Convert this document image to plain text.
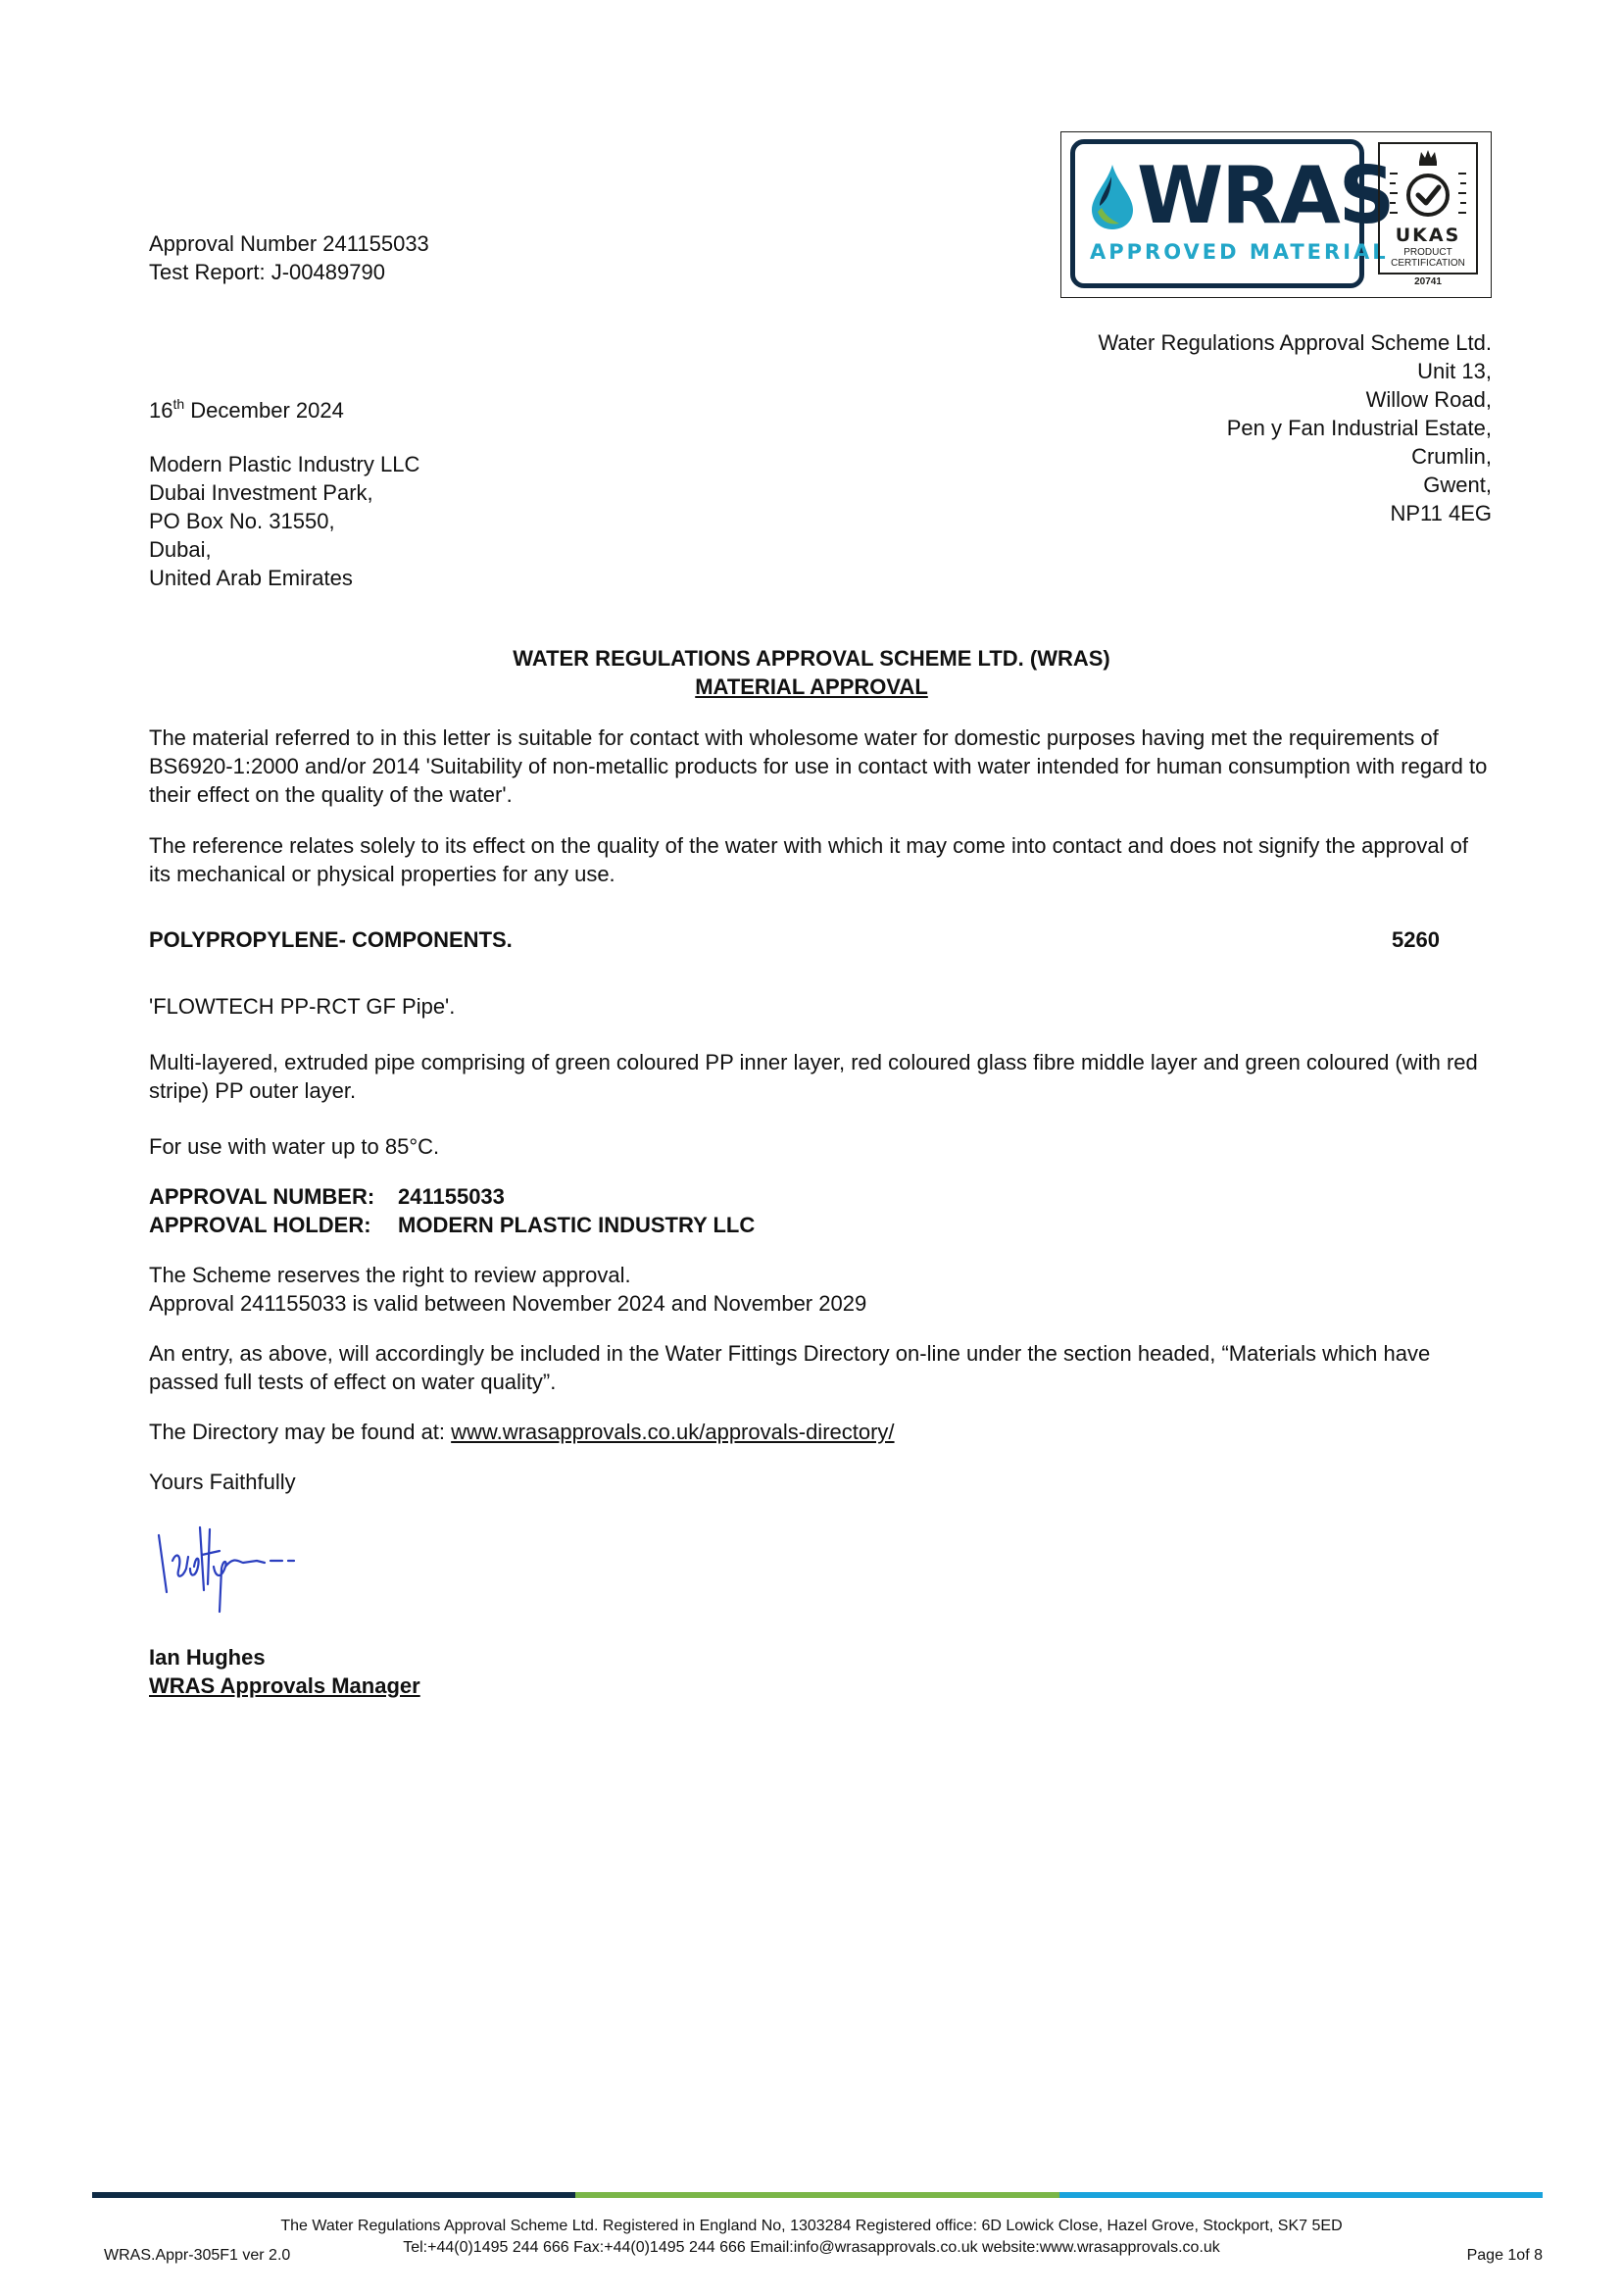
WRAS
APPROVED MATERIAL
UKAS
PRODUCT
CERTIFICATION
20741
Approval Number 241155033
Test Report: J-00489790
Water Regulations Approval Scheme Ltd.
Unit 13,
Willow Road,
Pen y Fan Industrial Estate,
Crumlin,
Gwent,
NP11 4EG
16th December 2024
Modern Plastic Industry LLC
Dubai Investment Park,
PO Box No. 31550,
Dubai,
United Arab Emirates
WATER REGULATIONS APPROVAL SCHEME LTD. (WRAS)
MATERIAL APPROVAL
The material referred to in this letter is suitable for contact with wholesome water for domestic purposes having met the requirements of BS6920-1:2000 and/or 2014 'Suitability of non-metallic products for use in contact with water intended for human consumption with regard to their effect on the quality of the water'.
The reference relates solely to its effect on the quality of the water with which it may come into contact and does not signify the approval of its mechanical or physical properties for any use.
POLYPROPYLENE- COMPONENTS.	5260
'FLOWTECH PP-RCT GF Pipe'.
Multi-layered, extruded pipe comprising of green coloured PP inner layer, red coloured glass fibre middle layer and green coloured (with red stripe) PP outer layer.
For use with water up to 85°C.
APPROVAL NUMBER:	241155033
APPROVAL HOLDER:	MODERN PLASTIC INDUSTRY LLC
The Scheme reserves the right to review approval.
Approval 241155033 is valid between November 2024 and November 2029
An entry, as above, will accordingly be included in the Water Fittings Directory on-line under the section headed, “Materials which have passed full tests of effect on water quality”.
The Directory may be found at: www.wrasapprovals.co.uk/approvals-directory/
Yours Faithfully
Ian Hughes
WRAS Approvals Manager
The Water Regulations Approval Scheme Ltd. Registered in England No, 1303284 Registered office: 6D Lowick Close, Hazel Grove, Stockport, SK7 5ED
Tel:+44(0)1495 244 666 Fax:+44(0)1495 244 666 Email:info@wrasapprovals.co.uk website:www.wrasapprovals.co.uk
WRAS.Appr-305F1 ver 2.0	Page 1of 8
